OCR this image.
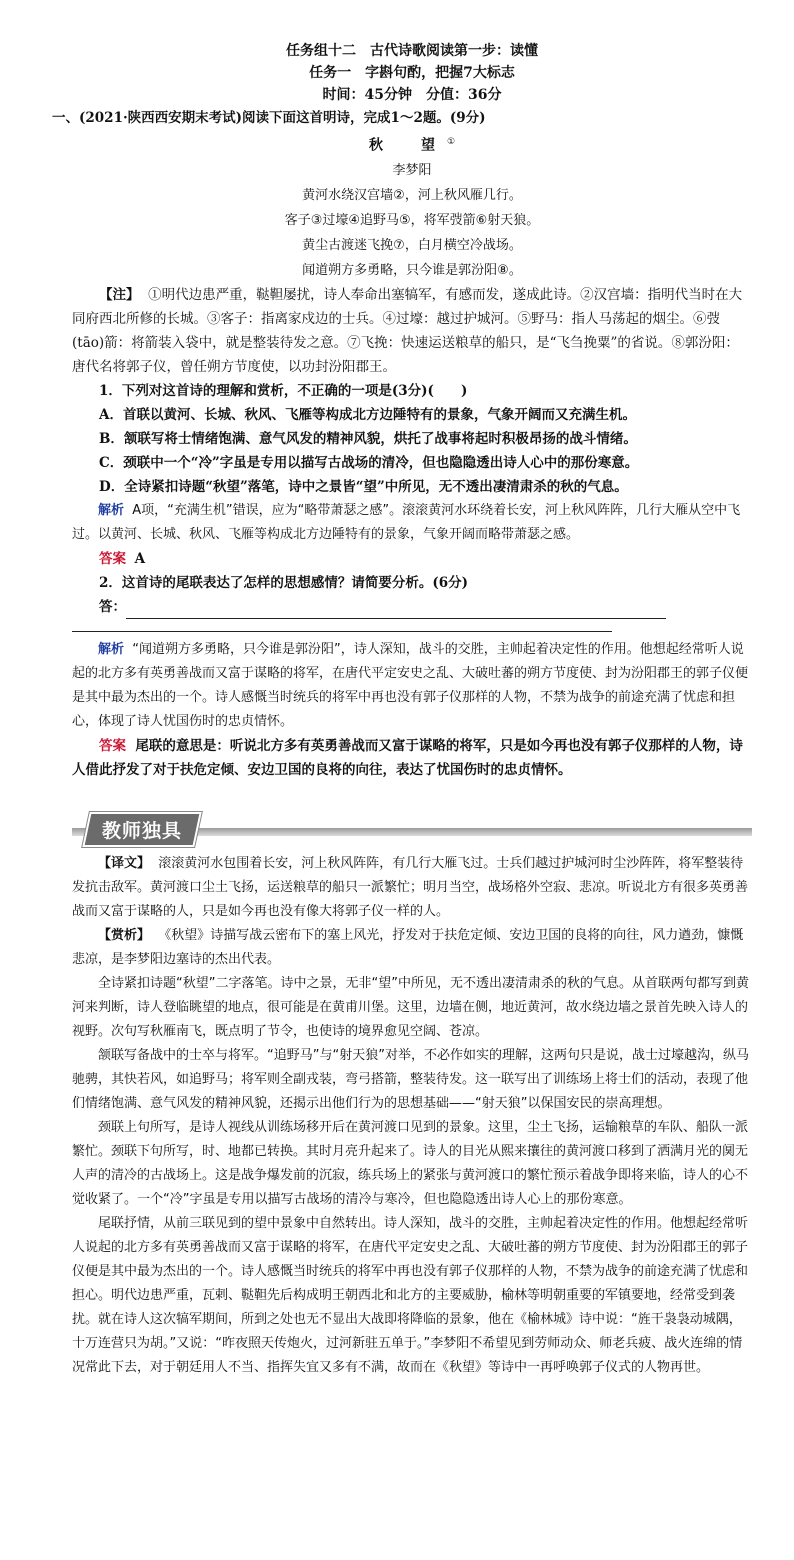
任务组十二　古代诗歌阅读第一步：读懂
任务一　字斟句酌，把握7大标志
时间：45分钟　分值：36分

一、(2021·陕西西安期末考试)阅读下面这首明诗，完成1～2题。(9分)

秋　望①
李梦阳
黄河水绕汉宫墙②，河上秋风雁几行。
客子③过壕④追野马⑤，将军弢箭⑥射天狼。
黄尘古渡迷飞挽⑦，白月横空冷战场。
闻道朔方多勇略，只今谁是郭汾阳⑧。

【注】 ①明代边患严重，鞑靼屡扰，诗人奉命出塞犒军，有感而发，遂成此诗。②汉宫墙：指明代当时在大同府西北所修的长城。③客子：指离家戍边的士兵。④过壕：越过护城河。⑤野马：指人马荡起的烟尘。⑥弢(tāo)箭：将箭装入袋中，就是整装待发之意。⑦飞挽：快速运送粮草的船只，是“飞刍挽粟”的省说。⑧郭汾阳：唐代名将郭子仪，曾任朔方节度使，以功封汾阳郡王。

1．下列对这首诗的理解和赏析，不正确的一项是(3分)(　　)

A．首联以黄河、长城、秋风、飞雁等构成北方边陲特有的景象，气象开阔而又充满生机。

B．颔联写将士情绪饱满、意气风发的精神风貌，烘托了战事将起时积极昂扬的战斗情绪。

C．颈联中一个“冷”字虽是专用以描写古战场的清冷，但也隐隐透出诗人心中的那份寒意。

D．全诗紧扣诗题“秋望”落笔，诗中之景皆“望”中所见，无不透出凄清肃杀的秋的气息。

解析 A项，“充满生机”错误，应为“略带萧瑟之感”。滚滚黄河水环绕着长安，河上秋风阵阵，几行大雁从空中飞过。以黄河、长城、秋风、飞雁等构成北方边陲特有的景象，气象开阔而略带萧瑟之感。

答案 A

2．这首诗的尾联表达了怎样的思想感情？请简要分析。(6分)

答：

解析 “闻道朔方多勇略，只今谁是郭汾阳”，诗人深知，战斗的交胜，主帅起着决定性的作用。他想起经常听人说起的北方多有英勇善战而又富于谋略的将军，在唐代平定安史之乱、大破吐蕃的朔方节度使、封为汾阳郡王的郭子仪便是其中最为杰出的一个。诗人感慨当时统兵的将军中再也没有郭子仪那样的人物，不禁为战争的前途充满了忧虑和担心，体现了诗人忧国伤时的忠贞情怀。

答案 尾联的意思是：听说北方多有英勇善战而又富于谋略的将军，只是如今再也没有郭子仪那样的人物，诗人借此抒发了对于扶危定倾、安边卫国的良将的向往，表达了忧国伤时的忠贞情怀。

教师独具

【译文】 滚滚黄河水包围着长安，河上秋风阵阵，有几行大雁飞过。士兵们越过护城河时尘沙阵阵，将军整装待发抗击敌军。黄河渡口尘土飞扬，运送粮草的船只一派繁忙；明月当空，战场格外空寂、悲凉。听说北方有很多英勇善战而又富于谋略的人，只是如今再也没有像大将郭子仪一样的人。

【赏析】 《秋望》诗描写战云密布下的塞上风光，抒发对于扶危定倾、安边卫国的良将的向往，风力遒劲，慷慨悲凉，是李梦阳边塞诗的杰出代表。

全诗紧扣诗题“秋望”二字落笔。诗中之景，无非“望”中所见，无不透出凄清肃杀的秋的气息。从首联两句都写到黄河来判断，诗人登临眺望的地点，很可能是在黄甫川堡。这里，边墙在侧，地近黄河，故水绕边墙之景首先映入诗人的视野。次句写秋雁南飞，既点明了节令，也使诗的境界愈见空阔、苍凉。

颔联写备战中的士卒与将军。“追野马”与“射天狼”对举，不必作如实的理解，这两句只是说，战士过壕越沟，纵马驰骋，其快若风，如追野马；将军则全副戎装，弯弓搭箭，整装待发。这一联写出了训练场上将士们的活动，表现了他们情绪饱满、意气风发的精神风貌，还揭示出他们行为的思想基础——“射天狼”以保国安民的崇高理想。

颈联上句所写，是诗人视线从训练场移开后在黄河渡口见到的景象。这里，尘土飞扬，运输粮草的车队、船队一派繁忙。颈联下句所写，时、地都已转换。其时月亮升起来了。诗人的目光从熙来攘往的黄河渡口移到了洒满月光的阒无人声的清冷的古战场上。这是战争爆发前的沉寂，练兵场上的紧张与黄河渡口的繁忙预示着战争即将来临，诗人的心不觉收紧了。一个“冷”字虽是专用以描写古战场的清冷与寒冷，但也隐隐透出诗人心上的那份寒意。

尾联抒情，从前三联见到的望中景象中自然转出。诗人深知，战斗的交胜，主帅起着决定性的作用。他想起经常听人说起的北方多有英勇善战而又富于谋略的将军，在唐代平定安史之乱、大破吐蕃的朔方节度使、封为汾阳郡王的郭子仪便是其中最为杰出的一个。诗人感慨当时统兵的将军中再也没有郭子仪那样的人物，不禁为战争的前途充满了忧虑和担心。明代边患严重，瓦剌、鞑靼先后构成明王朝西北和北方的主要威胁，榆林等明朝重要的军镇要地，经常受到袭扰。就在诗人这次犒军期间，所到之处也无不显出大战即将降临的景象，他在《榆林城》诗中说：“旌干袅袅动城隅，十万连营只为胡。”又说：“昨夜照天传炮火，过河新驻五单于。”李梦阳不希望见到劳师动众、师老兵疲、战火连绵的情况常此下去，对于朝廷用人不当、指挥失宜又多有不满，故而在《秋望》等诗中一再呼唤郭子仪式的人物再世。
